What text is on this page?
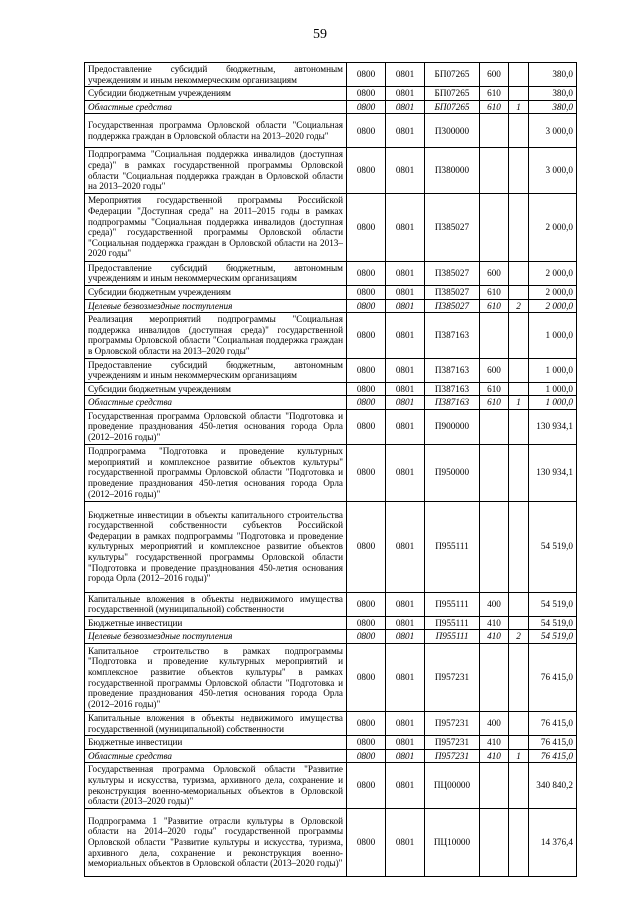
59
Предоставление субсидий бюджетным, автономным учреждениям и иным некоммерческим организациям	0800	0801	БП07265	600		380,0
Субсидии бюджетным учреждениям	0800	0801	БП07265	610		380,0
Областные средства	0800	0801	БП07265	610	1	380,0
Государственная программа Орловской области "Социальная поддержка граждан в Орловской области на 2013–2020 годы"	0800	0801	П300000			3 000,0
Подпрограмма "Социальная поддержка инвалидов (доступная среда)" в рамках государственной программы Орловской области "Социальная поддержка граждан в Орловской области на 2013–2020 годы"	0800	0801	П380000			3 000,0
Мероприятия государственной программы Российской Федерации "Доступная среда" на 2011–2015 годы в рамках подпрограммы "Социальная поддержка инвалидов (доступная среда)" государственной программы Орловской области "Социальная поддержка граждан в Орловской области на 2013–2020 годы"	0800	0801	П385027			2 000,0
Предоставление субсидий бюджетным, автономным учреждениям и иным некоммерческим организациям	0800	0801	П385027	600		2 000,0
Субсидии бюджетным учреждениям	0800	0801	П385027	610		2 000,0
Целевые безвозмездные поступления	0800	0801	П385027	610	2	2 000,0
Реализация мероприятий подпрограммы "Социальная поддержка инвалидов (доступная среда)" государственной программы Орловской области "Социальная поддержка граждан в Орловской области на 2013–2020 годы"	0800	0801	П387163			1 000,0
Предоставление субсидий бюджетным, автономным учреждениям и иным некоммерческим организациям	0800	0801	П387163	600		1 000,0
Субсидии бюджетным учреждениям	0800	0801	П387163	610		1 000,0
Областные средства	0800	0801	П387163	610	1	1 000,0
Государственная программа Орловской области "Подготовка и проведение празднования 450-летия основания города Орла (2012–2016 годы)"	0800	0801	П900000			130 934,1
Подпрограмма "Подготовка и проведение культурных мероприятий и комплексное развитие объектов культуры" государственной программы Орловской области "Подготовка и проведение празднования 450-летия основания города Орла (2012–2016 годы)"	0800	0801	П950000			130 934,1
Бюджетные инвестиции в объекты капитального строительства государственной собственности субъектов Российской Федерации в рамках подпрограммы "Подготовка и проведение культурных мероприятий и комплексное развитие объектов культуры" государственной программы Орловской области "Подготовка и проведение празднования 450-летия основания города Орла (2012–2016 годы)"	0800	0801	П955111			54 519,0
Капитальные вложения в объекты недвижимого имущества государственной (муниципальной) собственности	0800	0801	П955111	400		54 519,0
Бюджетные инвестиции	0800	0801	П955111	410		54 519,0
Целевые безвозмездные поступления	0800	0801	П955111	410	2	54 519,0
Капитальное строительство в рамках подпрограммы "Подготовка и проведение культурных мероприятий и комплексное развитие объектов культуры" в рамках государственной программы Орловской области "Подготовка и проведение празднования 450-летия основания города Орла (2012–2016 годы)"	0800	0801	П957231			76 415,0
Капитальные вложения в объекты недвижимого имущества государственной (муниципальной) собственности	0800	0801	П957231	400		76 415,0
Бюджетные инвестиции	0800	0801	П957231	410		76 415,0
Областные средства	0800	0801	П957231	410	1	76 415,0
Государственная программа Орловской области "Развитие культуры и искусства, туризма, архивного дела, сохранение и реконструкция военно-мемориальных объектов в Орловской области (2013–2020 годы)"	0800	0801	ПЦ00000			340 840,2
Подпрограмма 1 "Развитие отрасли культуры в Орловской области на 2014–2020 годы" государственной программы Орловской области "Развитие культуры и искусства, туризма, архивного дела, сохранение и реконструкция военно-мемориальных объектов в Орловской области (2013–2020 годы)"	0800	0801	ПЦ10000			14 376,4
